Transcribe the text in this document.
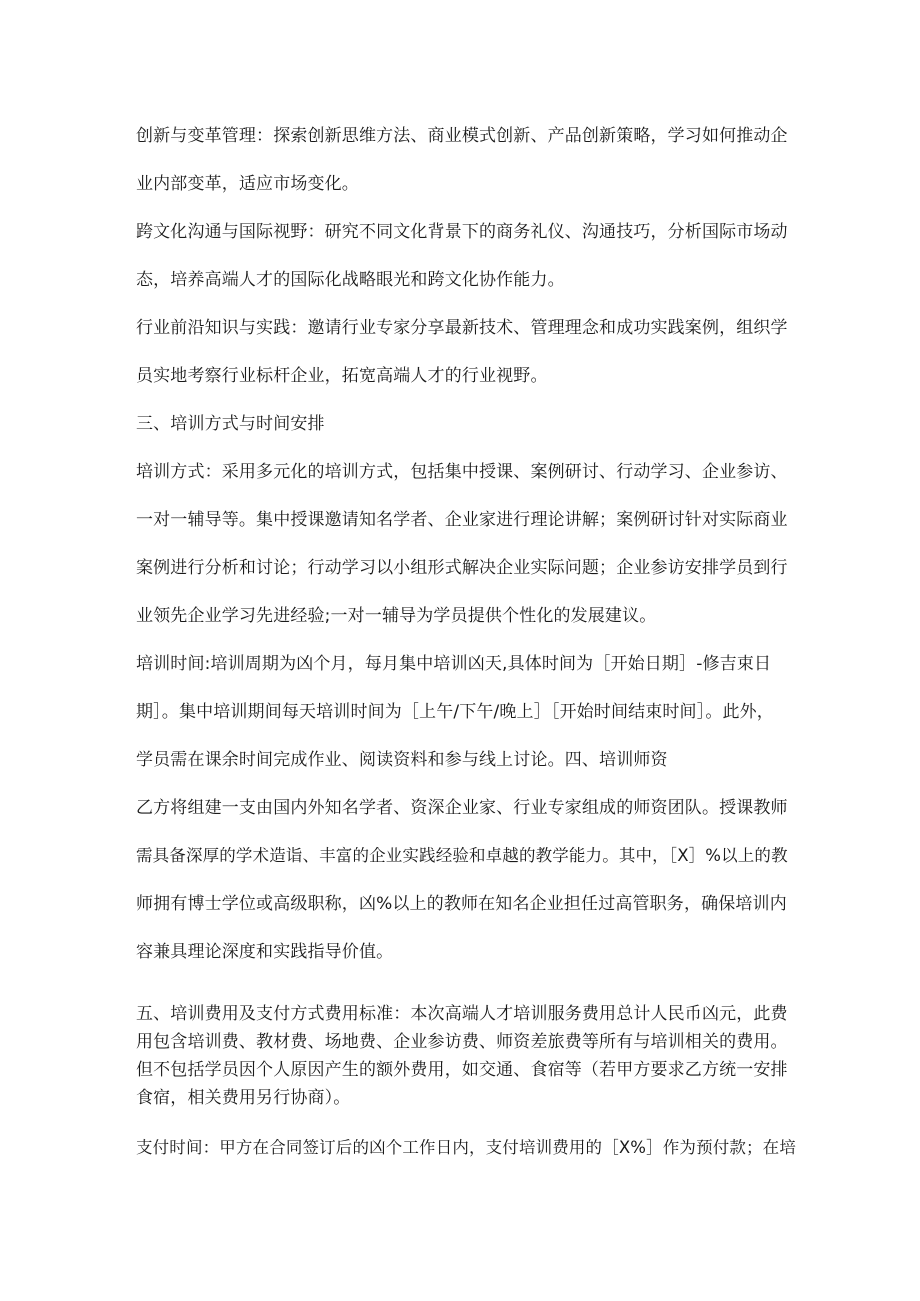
创新与变革管理：探索创新思维方法、商业模式创新、产品创新策略，学习如何推动企
业内部变革，适应市场变化。
跨文化沟通与国际视野：研究不同文化背景下的商务礼仪、沟通技巧，分析国际市场动
态，培养高端人才的国际化战略眼光和跨文化协作能力。
行业前沿知识与实践：邀请行业专家分享最新技术、管理理念和成功实践案例，组织学
员实地考察行业标杆企业，拓宽高端人才的行业视野。
三、培训方式与时间安排
培训方式：采用多元化的培训方式，包括集中授课、案例研讨、行动学习、企业参访、
一对一辅导等。集中授课邀请知名学者、企业家进行理论讲解；案例研讨针对实际商业
案例进行分析和讨论；行动学习以小组形式解决企业实际问题；企业参访安排学员到行
业领先企业学习先进经验;一对一辅导为学员提供个性化的发展建议。
培训时间:培训周期为凶个月，每月集中培训凶天,具体时间为［开始日期］-修吉束日
期］。集中培训期间每天培训时间为［上午/下午/晚上］［开始时间结束时间］。此外，
学员需在课余时间完成作业、阅读资料和参与线上讨论。四、培训师资
乙方将组建一支由国内外知名学者、资深企业家、行业专家组成的师资团队。授课教师
需具备深厚的学术造诣、丰富的企业实践经验和卓越的教学能力。其中，［X］%以上的教
师拥有博士学位或高级职称，凶%以上的教师在知名企业担任过高管职务，确保培训内
容兼具理论深度和实践指导价值。
五、培训费用及支付方式费用标准：本次高端人才培训服务费用总计人民币凶元，此费
用包含培训费、教材费、场地费、企业参访费、师资差旅费等所有与培训相关的费用。
但不包括学员因个人原因产生的额外费用，如交通、食宿等（若甲方要求乙方统一安排
食宿，相关费用另行协商）。
支付时间：甲方在合同签订后的凶个工作日内，支付培训费用的［X%］作为预付款；在培
